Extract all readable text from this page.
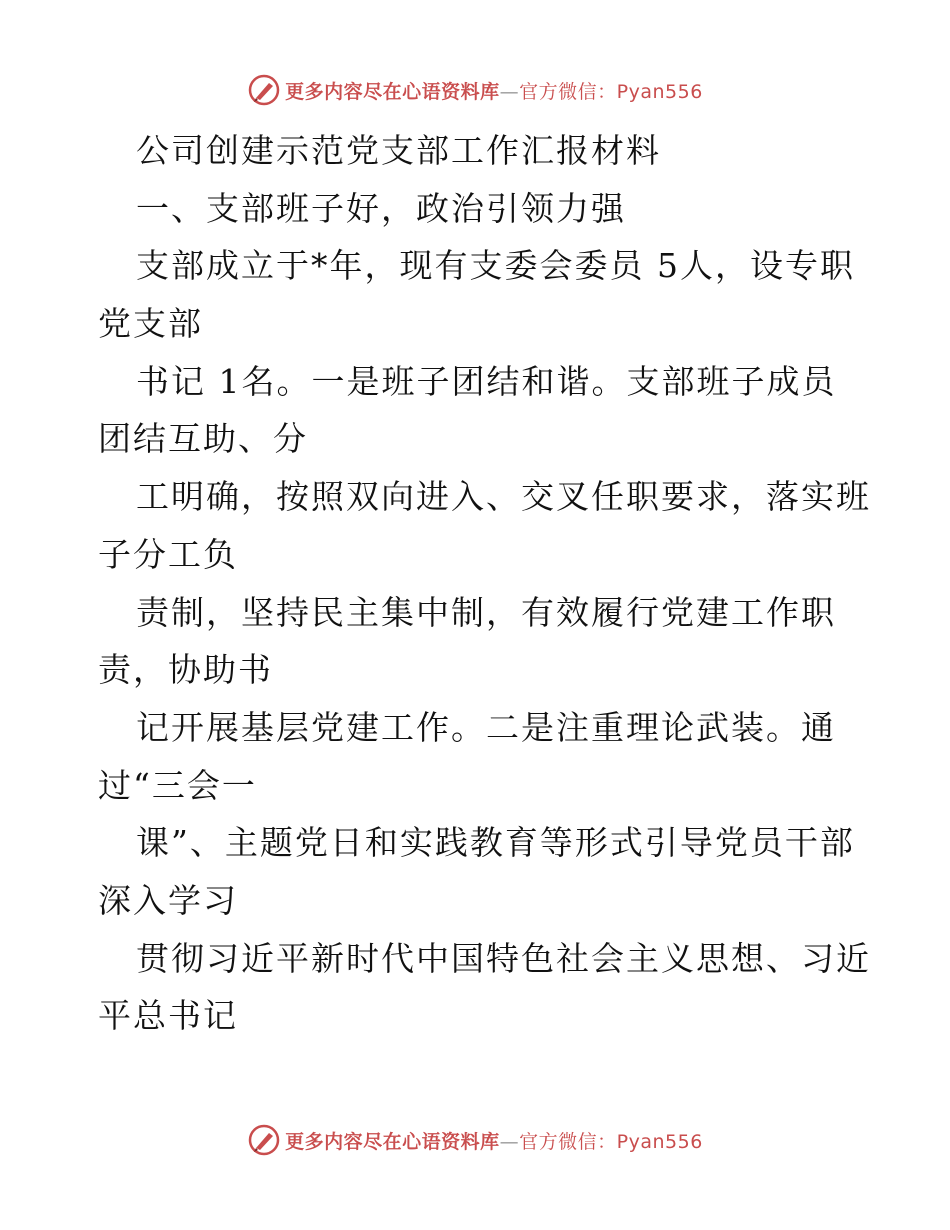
更多内容尽在心语资料库—官方微信：Pyan556
公司创建示范党支部工作汇报材料
一、支部班子好，政治引领力强
支部成立于*年，现有支委会委员 5人，设专职
党支部
书记 1名。一是班子团结和谐。支部班子成员
团结互助、分
工明确，按照双向进入、交叉任职要求，落实班
子分工负
责制，坚持民主集中制，有效履行党建工作职
责，协助书
记开展基层党建工作。二是注重理论武装。通
过“三会一
课”、主题党日和实践教育等形式引导党员干部
深入学习
贯彻习近平新时代中国特色社会主义思想、习近
平总书记
更多内容尽在心语资料库—官方微信：Pyan556
